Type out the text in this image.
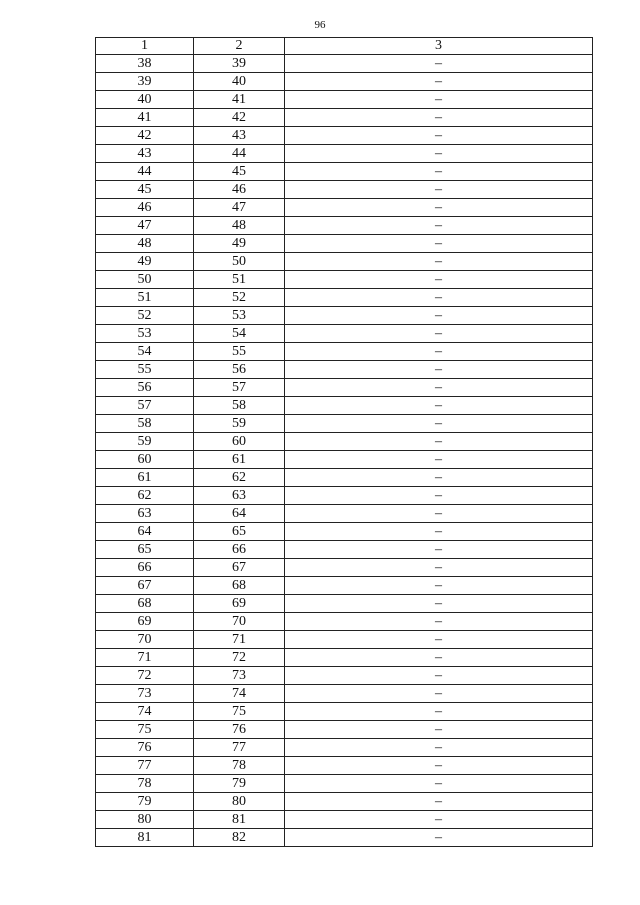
96
1	2	3
38	39	–
39	40	–
40	41	–
41	42	–
42	43	–
43	44	–
44	45	–
45	46	–
46	47	–
47	48	–
48	49	–
49	50	–
50	51	–
51	52	–
52	53	–
53	54	–
54	55	–
55	56	–
56	57	–
57	58	–
58	59	–
59	60	–
60	61	–
61	62	–
62	63	–
63	64	–
64	65	–
65	66	–
66	67	–
67	68	–
68	69	–
69	70	–
70	71	–
71	72	–
72	73	–
73	74	–
74	75	–
75	76	–
76	77	–
77	78	–
78	79	–
79	80	–
80	81	–
81	82	–
